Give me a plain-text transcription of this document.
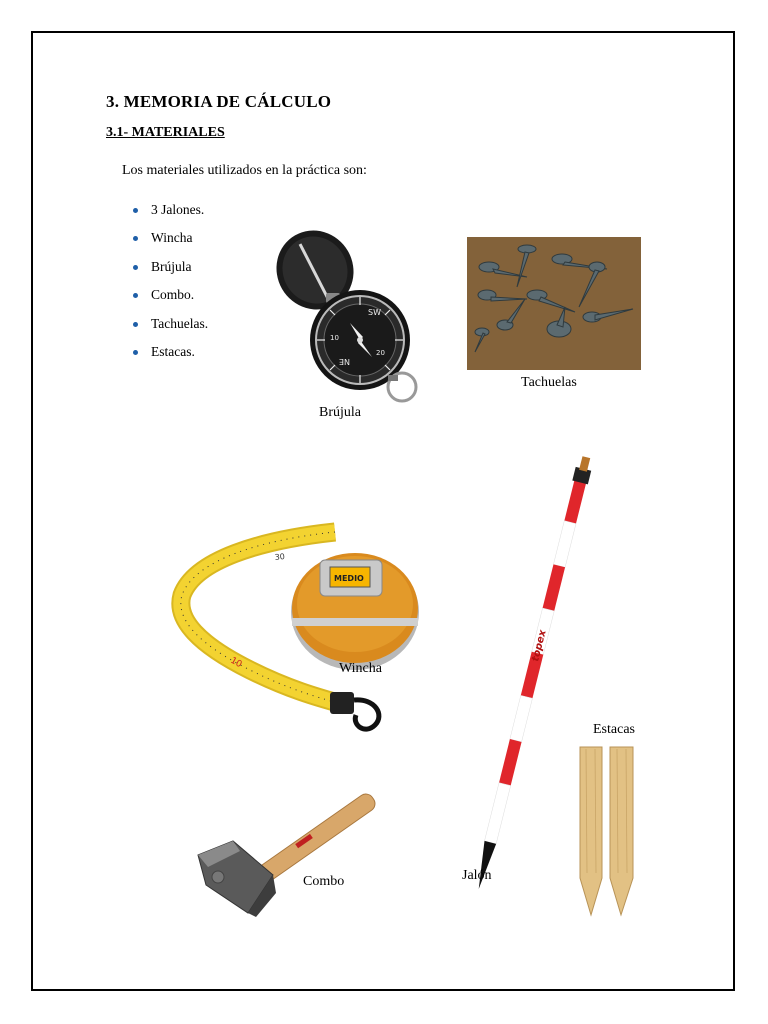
3. MEMORIA DE CÁLCULO
3.1- MATERIALES
Los materiales utilizados en la práctica son:
3 Jalones.
Wincha
Brújula
Combo.
Tachuelas.
Estacas.
SW
NE
10
20
Brújula
Tachuelas
10
30
MEDIO
Wincha
topex
Jalón
Estacas
Combo
